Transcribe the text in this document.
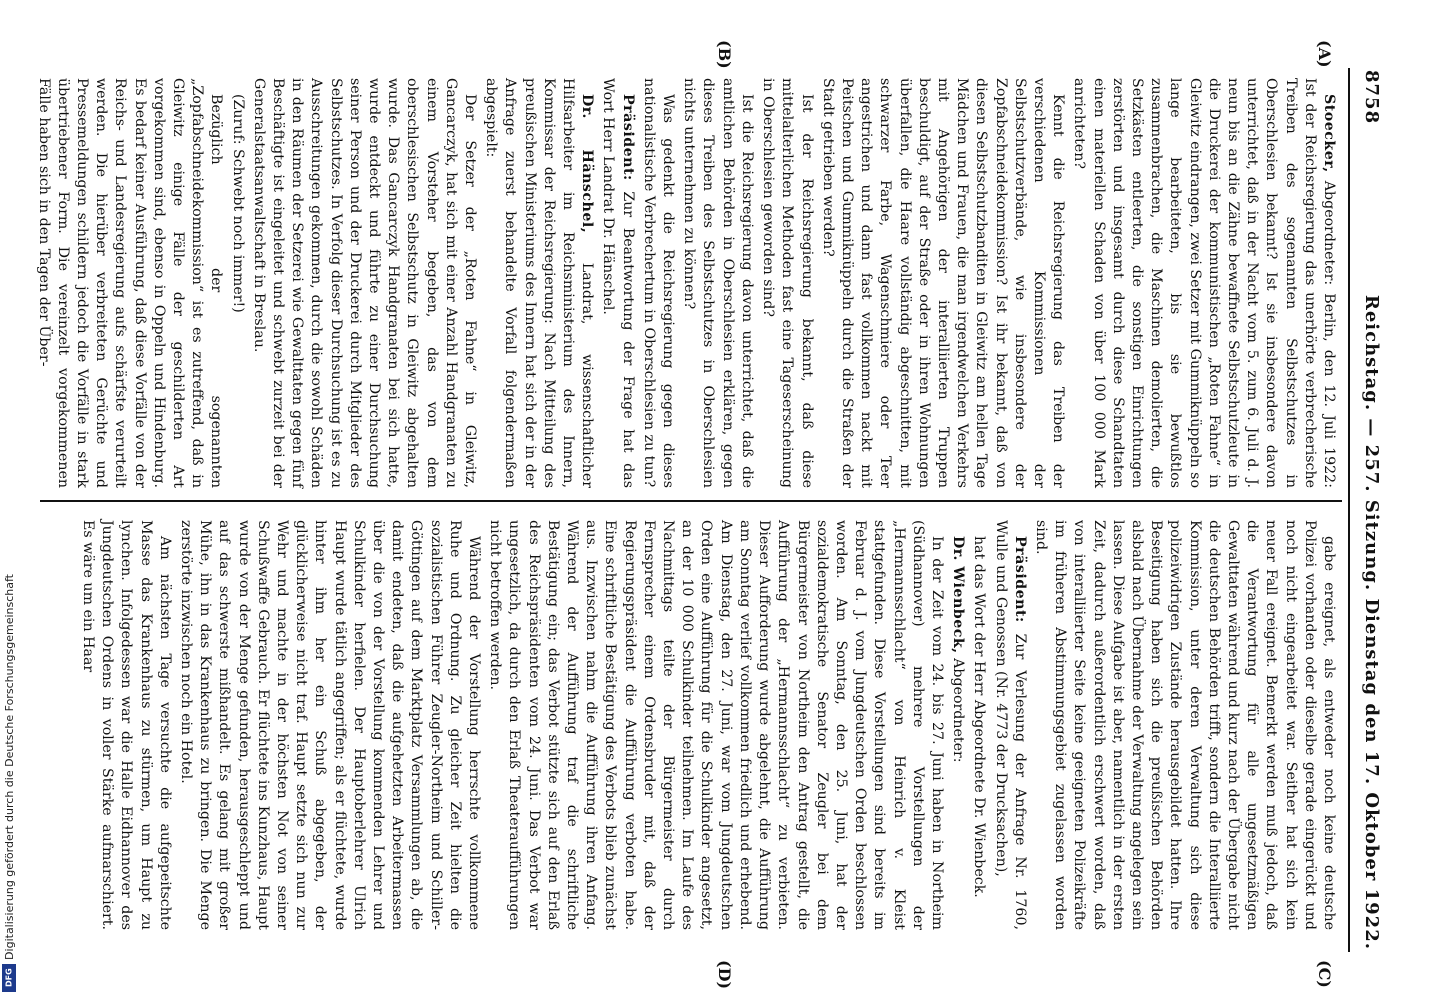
8758
Reichstag. — 257. Sitzung. Dienstag den 17. Oktober 1922.
(A)
(B)
(C)
(D)

Stoecker, Abgeordneter: Berlin, den 12. Juli 1922: Ist der Reichsregierung das unerhörte verbrecherische Treiben des sogenannten Selbstschutzes in Oberschlesien bekannt? Ist sie insbesondere davon unterrichtet, daß in der Nacht vom 5. zum 6. Juli d. J. neun bis an die Zähne bewaffnete Selbstschutzleute in die Druckerei der kommunistischen „Roten Fahne“ in Gleiwitz eindrangen, zwei Setzer mit Gummiknüppeln so lange bearbeiteten, bis sie bewußtlos zusammenbrachen, die Maschinen demolierten, die Setzkästen entleerten, die sonstigen Einrichtungen zerstörten und insgesamt durch diese Schandtaten einen materiellen Schaden von über 100 000 Mark anrichteten?

Kennt die Reichsregierung das Treiben der verschiedenen Kommissionen der Selbstschutzverbände, wie insbesondere der Zopfabschneidekommission? Ist ihr bekannt, daß von diesen Selbstschutzbanditen in Gleiwitz am hellen Tage Mädchen und Frauen, die man irgendwelchen Verkehrs mit Angehörigen der interalliierten Truppen beschuldigt, auf der Straße oder in ihren Wohnungen überfallen, die Haare vollständig abgeschnitten, mit schwarzer Farbe, Wagenschmiere oder Teer angestrichen und dann fast vollkommen nackt mit Peitschen und Gummiknüppeln durch die Straßen der Stadt getrieben werden?

Ist der Reichsregierung bekannt, daß diese mittelalterlichen Methoden fast eine Tageserscheinung in Oberschlesien geworden sind?

Ist die Reichsregierung davon unterrichtet, daß die amtlichen Behörden in Oberschlesien erklären, gegen dieses Treiben des Selbstschutzes in Oberschlesien nichts unternehmen zu können?

Was gedenkt die Reichsregierung gegen dieses nationalistische Verbrechertum in Oberschlesien zu tun?

Präsident: Zur Beantwortung der Frage hat das Wort Herr Landrat Dr. Hänschel.

Dr. Hänschel, Landrat, wissenschaftlicher Hilfsarbeiter im Reichsministerium des Innern, Kommissar der Reichsregierung: Nach Mitteilung des preußischen Ministeriums des Innern hat sich der in der Anfrage zuerst behandelte Vorfall folgendermaßen abgespielt:

Der Setzer der „Roten Fahne“ in Gleiwitz, Gancarczyk, hat sich mit einer Anzahl Handgranaten zu einem Vorsteher begeben, das von dem oberschlesischen Selbstschutz in Gleiwitz abgehalten wurde. Das Gancarczyk Handgranaten bei sich hatte, wurde entdeckt und führte zu einer Durchsuchung seiner Person und der Druckerei durch Mitglieder des Selbstschutzes. In Verfolg dieser Durchsuchung ist es zu Ausschreitungen gekommen, durch die sowohl Schäden in den Räumen der Setzerei wie Gewalttaten gegen fünf Beschäftigte ist eingeleitet und schwebt zurzeit bei der Generalstaatsanwaltschaft in Breslau.

(Zuruf: Schwebt noch immer!)

Bezüglich der sogenannten „Zopfabschneidekommission“ ist es zutreffend, daß in Gleiwitz einige Fälle der geschilderten Art vorgekommen sind, ebenso in Oppeln und Hindenburg. Es bedarf keiner Ausführung, daß diese Vorfälle von der Reichs- und Landesregierung aufs schärfste verurteilt werden. Die hierüber verbreiteten Gerüchte und Pressemeldungen schildern jedoch die Vorfälle in stark übertriebener Form. Die vereinzelt vorgekommenen Fälle haben sich in den Tagen der Über-

gabe ereignet, als entweder noch keine deutsche Polizei vorhanden oder dieselbe gerade eingerückt und noch nicht eingearbeitet war. Seither hat sich kein neuer Fall ereignet. Bemerkt werden muß jedoch, daß die Verantwortung für alle ungesetzmäßigen Gewalttaten während und kurz nach der Übergabe nicht die deutschen Behörden trifft, sondern die Interalliierte Kommission, unter deren Verwaltung sich diese polizeiwidrigen Zustände herausgebildet hatten. Ihre Beseitigung haben sich die preußischen Behörden alsbald nach Übernahme der Verwaltung angelegen sein lassen. Diese Aufgabe ist aber, namentlich in der ersten Zeit, dadurch außerordentlich erschwert worden, daß von interalliierter Seite keine geeigneten Polizeikräfte im früheren Abstimmungsgebiet zugelassen worden sind.

Präsident: Zur Verlesung der Anfrage Nr. 1760, Wulle und Genossen (Nr. 4773 der Drucksachen),

hat das Wort der Herr Abgeordnete Dr. Wienbeck.

Dr. Wienbeck, Abgeordneter:

In der Zeit vom 24. bis 27. Juni haben in Northeim (Südhannover) mehrere Vorstellungen der „Hermannsschlacht“ von Heinrich v. Kleist stattgefunden. Diese Vorstellungen sind bereits im Februar d. J. vom Jungdeutschen Orden beschlossen worden. Am Sonntag, den 25. Juni, hat der sozialdemokratische Senator Zeugler bei dem Bürgermeister von Northeim den Antrag gestellt, die Aufführung der „Hermannsschlacht“ zu verbieten. Dieser Aufforderung wurde abgelehnt, die Aufführung am Sonntag verlief vollkommen friedlich und erhebend. Am Dienstag, den 27. Juni, war vom Jungdeutschen Orden eine Aufführung für die Schulkinder angesetzt, an der 10 000 Schulkinder teilnehmen. Im Laufe des Nachmittags teilte der Bürgermeister durch Fernsprecher einem Ordensbruder mit, daß der Regierungspräsident die Aufführung verboten habe. Eine schriftliche Bestätigung des Verbots blieb zunächst aus. Inzwischen nahm die Aufführung ihren Anfang. Während der Aufführung traf die schriftliche Bestätigung ein; das Verbot stützte sich auf den Erlaß des Reichspräsidenten vom 24. Juni. Das Verbot war ungesetzlich, da durch den Erlaß Theateraufführungen nicht betroffen werden.

Während der Vorstellung herrschte vollkommene Ruhe und Ordnung. Zu gleicher Zeit hielten die sozialistischen Führer Zeugler-Northeim und Schiller-Göttingen auf dem Marktplatz Versammlungen ab, die damit endeten, daß die aufgehetzten Arbeitermassen über die von der Vorstellung kommenden Lehrer und Schulkinder herfielen. Der Hauptoberlehrer Ulrich Haupt wurde tätlich angegriffen; als er flüchtete, wurde hinter ihm her ein Schuß abgegeben, der glücklicherweise nicht traf. Haupt setzte sich nun zur Wehr und machte in der höchsten Not von seiner Schußwaffe Gebrauch. Er flüchtete ins Kunzhaus, Haupt wurde von der Menge gefunden, herausgeschleppt und auf das schwerste mißhandelt. Es gelang mit großer Mühe, ihn in das Krankenhaus zu bringen. Die Menge zerstörte inzwischen noch ein Hotel.

Am nächsten Tage versuchte die aufgepeitschte Masse das Krankenhaus zu stürmen, um Haupt zu lynchen. Infolgedessen war die Halle Eidhannover des Jungdeutschen Ordens in voller Stärke aufmarschiert. Es wäre um ein Haar

DFG
Digitalisierung gefördert durch die Deutsche Forschungsgemeinschaft
